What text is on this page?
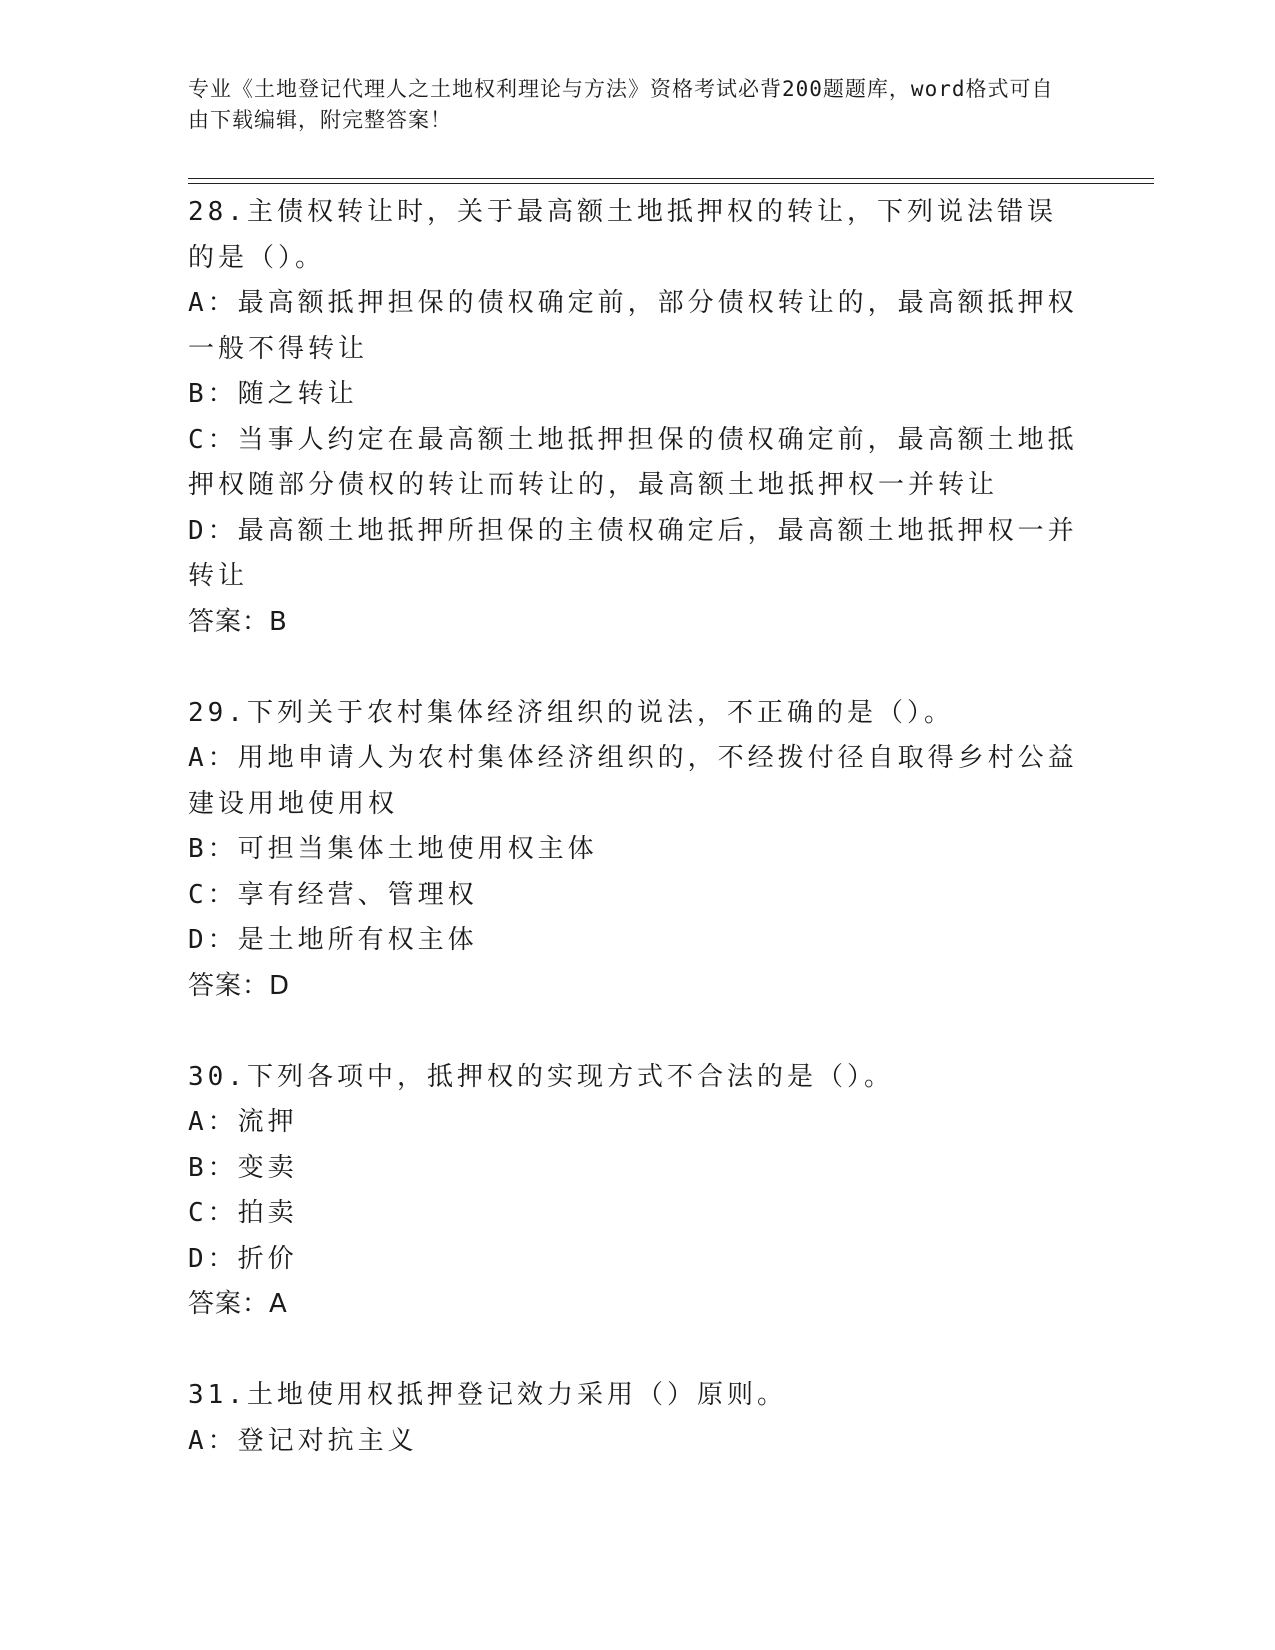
专业《土地登记代理人之土地权利理论与方法》资格考试必背200题题库，word格式可自由下载编辑，附完整答案！

28.主债权转让时，关于最高额土地抵押权的转让，下列说法错误的是（）。

A：最高额抵押担保的债权确定前，部分债权转让的，最高额抵押权一般不得转让

B：随之转让

C：当事人约定在最高额土地抵押担保的债权确定前，最高额土地抵押权随部分债权的转让而转让的，最高额土地抵押权一并转让

D：最高额土地抵押所担保的主债权确定后，最高额土地抵押权一并转让

答案：B

29.下列关于农村集体经济组织的说法，不正确的是（）。

A：用地申请人为农村集体经济组织的，不经拨付径自取得乡村公益建设用地使用权

B：可担当集体土地使用权主体

C：享有经营、管理权

D：是土地所有权主体

答案：D

30.下列各项中，抵押权的实现方式不合法的是（）。

A：流押

B：变卖

C：拍卖

D：折价

答案：A

31.土地使用权抵押登记效力采用（）原则。

A：登记对抗主义
